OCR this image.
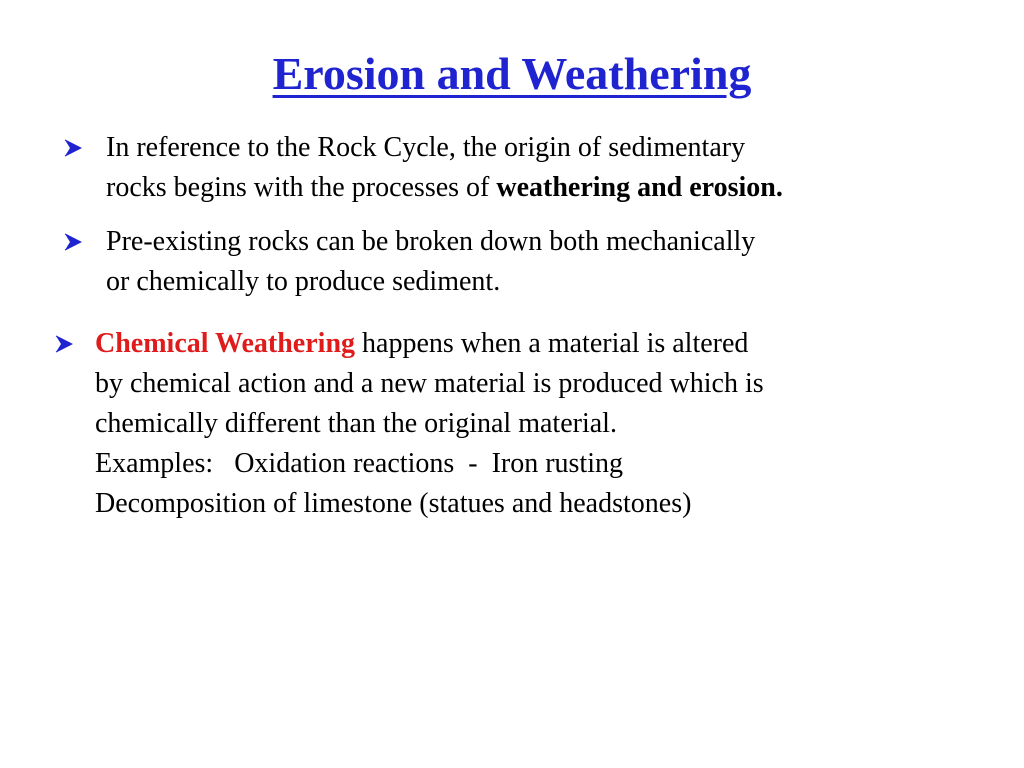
Erosion and Weathering
In reference to the Rock Cycle, the origin of sedimentary
rocks begins with the processes of weathering and erosion.
Pre-existing rocks can be broken down both mechanically
or chemically to produce sediment.
Chemical Weathering happens when a material is altered
by chemical action and a new material is produced which is
chemically different than the original material.
Examples:   Oxidation reactions  -  Iron rusting
Decomposition of limestone (statues and headstones)
